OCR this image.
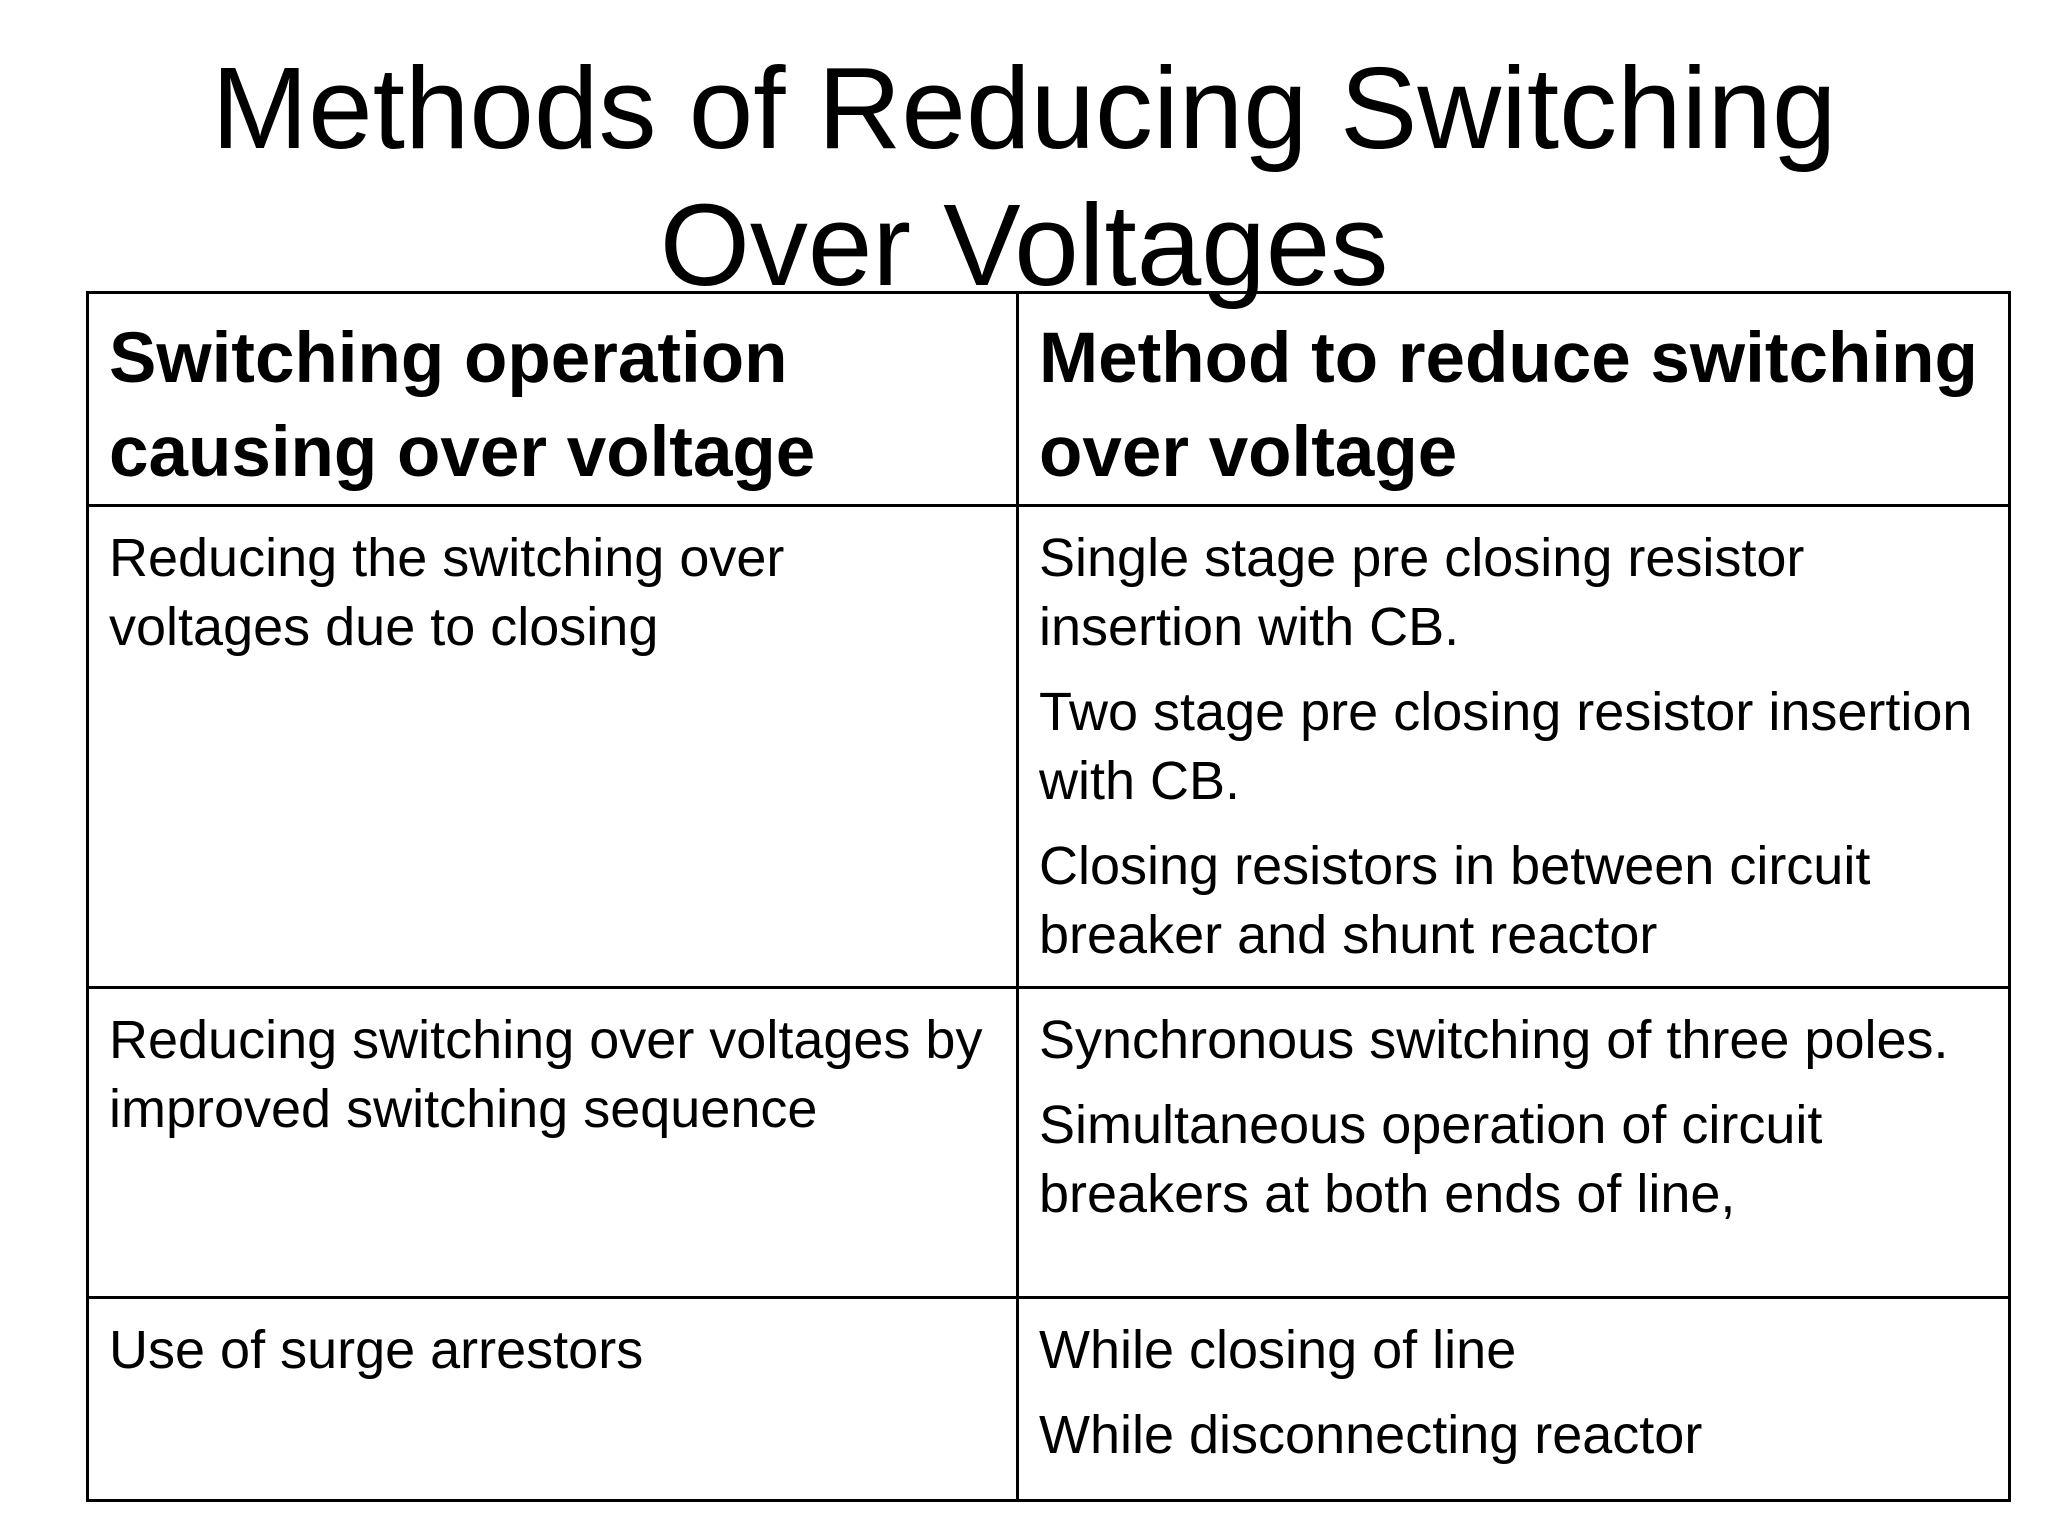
Methods of Reducing Switching
Over Voltages
Switching operation causing over voltage	Method to reduce switching over voltage
Reducing the switching over voltages due to closing	Single stage pre closing resistor insertion with CB.

Two stage pre closing resistor insertion with CB.

Closing resistors in between circuit breaker and shunt reactor

Reducing switching over voltages by improved switching sequence	Synchronous switching of three poles.

Simultaneous operation of circuit breakers at both ends of line,

Use of surge arrestors	While closing of line

While disconnecting reactor
